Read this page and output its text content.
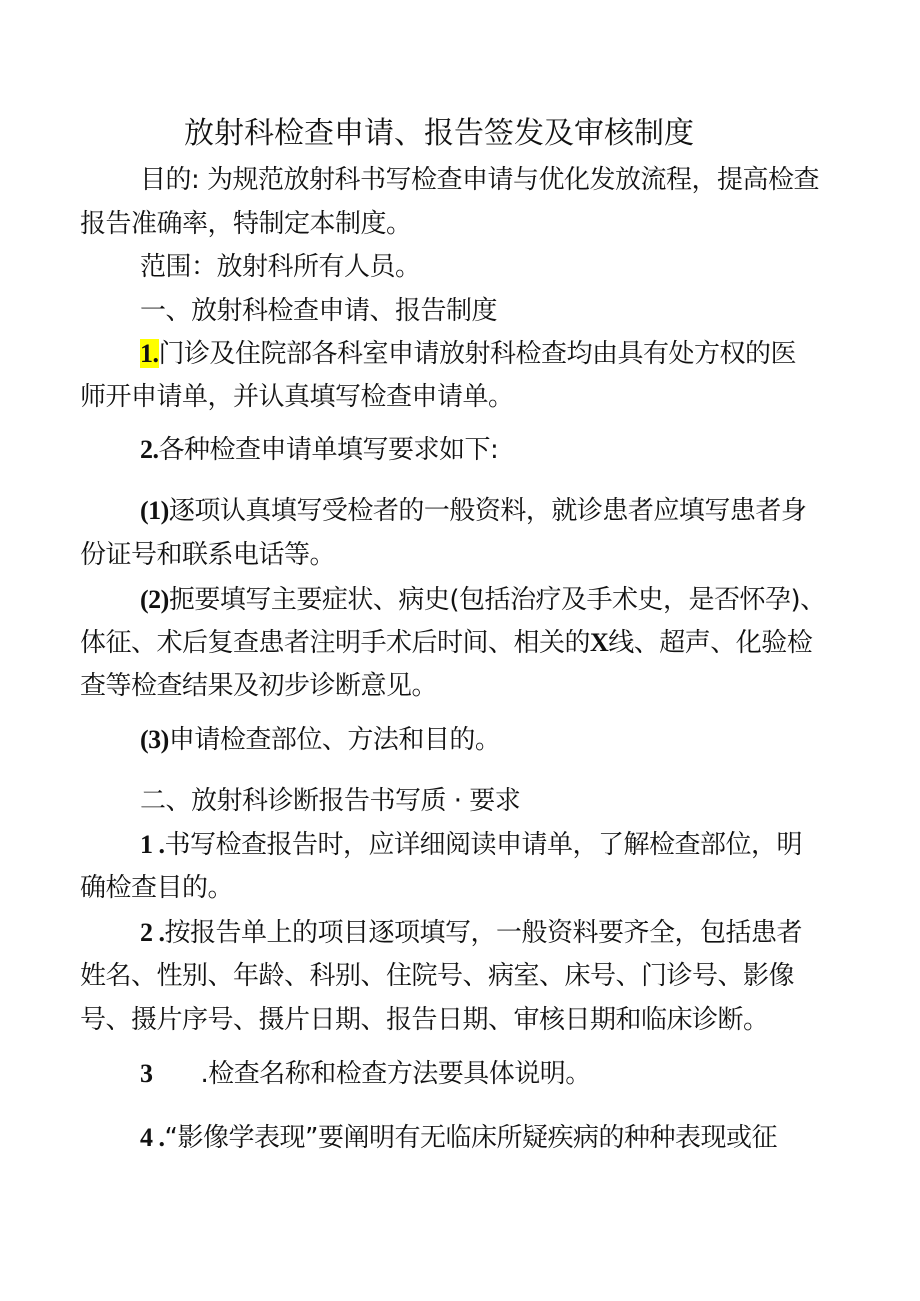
放射科检查申请、报告签发及审核制度
目的: 为规范放射科书写检查申请与优化发放流程，提高检查
报告准确率，特制定本制度。
范围：放射科所有人员。
一、放射科检查申请、报告制度
1.门诊及住院部各科室申请放射科检查均由具有处方权的医
师开申请单，并认真填写检查申请单。
2.各种检查申请单填写要求如下:
(1)逐项认真填写受检者的一般资料，就诊患者应填写患者身
份证号和联系电话等。
(2)扼要填写主要症状、病史(包括治疗及手术史，是否怀孕)、
体征、术后复查患者注明手术后时间、相关的X线、超声、化验检
查等检查结果及初步诊断意见。
(3)申请检查部位、方法和目的。
二、放射科诊断报告书写质 · 要求
1 .书写检查报告时，应详细阅读申请单，了解检查部位，明
确检查目的。
2 .按报告单上的项目逐项填写，一般资料要齐全，包括患者
姓名、性别、年龄、科别、住院号、病室、床号、门诊号、影像
号、摄片序号、摄片日期、报告日期、审核日期和临床诊断。
3 .检查名称和检查方法要具体说明。
4 .“影像学表现”要阐明有无临床所疑疾病的种种表现或征
